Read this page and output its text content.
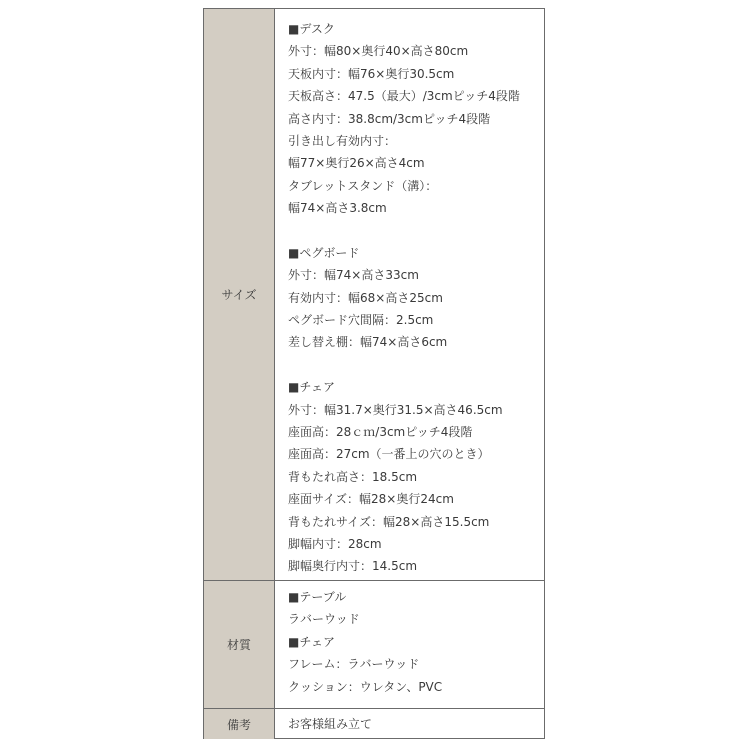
サイズ
■デスク
外寸：幅80×奥行40×高さ80cm
天板内寸：幅76×奥行30.5cm
天板高さ：47.5（最大）/3cmピッチ4段階
高さ内寸：38.8cm/3cmピッチ4段階
引き出し有効内寸：
幅77×奥行26×高さ4cm
タブレットスタンド（溝）：
幅74×高さ3.8cm
■ペグボード
外寸：幅74×高さ33cm
有効内寸：幅68×高さ25cm
ペグボード穴間隔：2.5cm
差し替え棚：幅74×高さ6cm
■チェア
外寸：幅31.7×奥行31.5×高さ46.5cm
座面高：28ｃｍ/3cmピッチ4段階
座面高：27cm（一番上の穴のとき）
背もたれ高さ：18.5cm
座面サイズ：幅28×奥行24cm
背もたれサイズ：幅28×高さ15.5cm
脚幅内寸：28cm
脚幅奥行内寸：14.5cm
材質
■テーブル
ラバーウッド
■チェア
フレーム：ラバーウッド
クッション：ウレタン、PVC
備考	お客様組み立て
